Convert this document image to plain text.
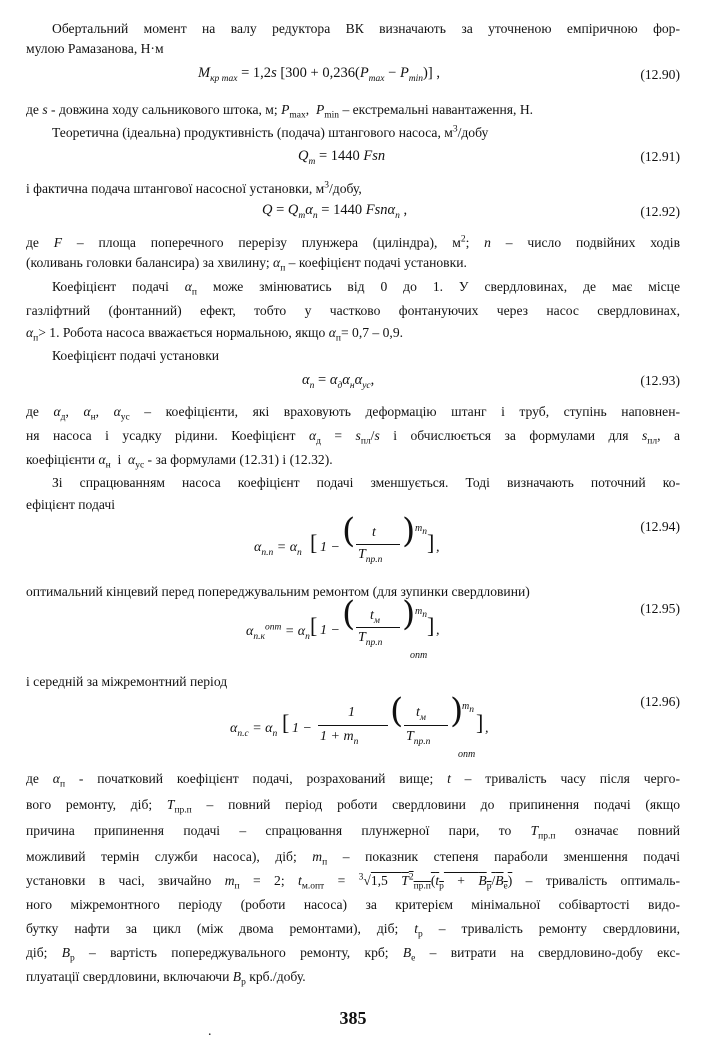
Обертальний момент на валу редуктора ВК визначають за уточненою емпіричною фор-
мулою Рамазанова, Н·м
$M_{кр max} = 1,2s$ $[300 + 0,236(P_{max} - P_{min})]$ ,	(12.90)
де s - довжина ходу сальникового штока, м; $P_{max}$,  $P_{min}$ – екстремальні навантаження, Н.
Теоретична (ідеальна) продуктивність (подача) штангового насоса, $м^3$/добу
$Q_т = 1440$ Fsn	(12.91)
і фактична подача штангової насосної установки, $м^3$/добу,
$Q = Q_т\alpha_п = 1440$ Fsnα$_п$ ,	(12.92)
де F – площа поперечного перерізу плунжера (циліндра), $м^2$; n – число подвійних ходів
(коливань головки балансира) за хвилину; $\alpha_п$ – коефіцієнт подачі установки.
Коефіцієнт подачі $\alpha_п$ може змінюватись від 0 до 1. У свердловинах, де має місце
газліфтний (фонтанний) ефект, тобто у частково фонтануючих через насос свердловинах,
$\alpha_п> 1$. Робота насоса вважається нормальною, якщо $\alpha_п= 0,7 - 0,9$.
Коефіцієнт подачі установки
$\alpha_п = \alpha_д\alpha_н\alpha_{ус}$,	(12.93)
де $\alpha_д$, $\alpha_н$, $\alpha_{ус}$ – коефіцієнти, які враховують деформацію штанг і труб, ступінь наповнен-
ня насоса і усадку рідини. Коефіцієнт $\alpha_д = s_{пл}/s$ і обчислюється за формулами для $s_{пл}$, а
коефіцієнти $\alpha_н$  і  $\alpha_{ус}$ - за формулами (12.31) і (12.32).
Зі спрацюванням насоса коефіцієнт подачі зменшується. Тоді визначають поточний ко-
ефіцієнт подачі
(12.94)
$\alpha_{п.п} = \alpha_п$ [ 1 − ( t
$T_{пр.п}$
) $m_п$ ] ,
оптимальний кінцевий перед попереджувальним ремонтом (для зупинки свердловини)
(12.95)
$\alpha_{п.к}^{опт} = \alpha_п$ [ 1 − ( $t_м$
$T_{пр.п}$
)
опт
$m_п$ ] ,
і середній за міжремонтний період
(12.96)
$\alpha_{п.с} = \alpha_п$ [ 1 −
1
$1 + m_п$
( $t_м$
$T_{пр.п}$
)
опт
$m_п$ ] ,
де $\alpha_п$ - початковий коефіцієнт подачі, розрахований вище; t – тривалість часу після черго-
вого ремонту, діб; $T_{пр.п}$ – повний період роботи свердловини до припинення подачі (якщо
причина припинення подачі – спрацювання плунжерної пари, то $T_{пр.п}$ означає повний
можливий термін служби насоса), діб; $m_п$ – показник степеня параболи зменшення подачі
установки в часі, звичайно $m_п = 2$; $t_{м.опт} = ^3√1,5$ $T^2_{пр.п}(t_р + B_р/B_е)$ – тривалість оптималь-
ного міжремонтного періоду (роботи насоса) за критерієм мінімальної собівартості видо-
бутку нафти за цикл (між двома ремонтами), діб; $t_р$ – тривалість ремонту свердловини,
діб; $B_р$ – вартість попереджувального ремонту, крб; $B_е$ – витрати на свердловино-добу екс-
плуатації свердловини, включаючи $B_р$ крб./добу.
385
.
